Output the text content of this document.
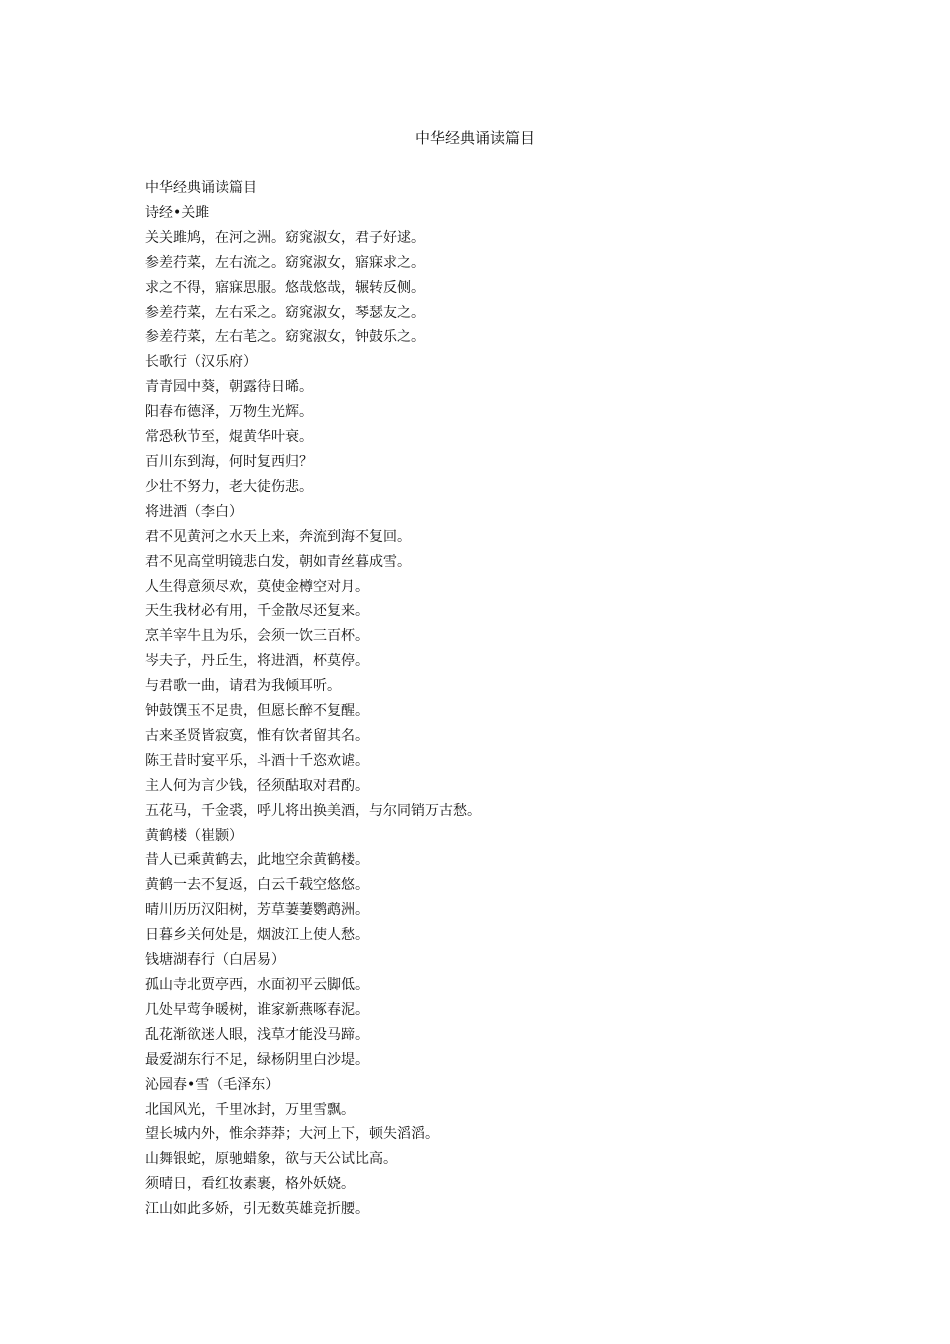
中华经典诵读篇目
中华经典诵读篇目
诗经•关雎
关关雎鸠，在河之洲。窈窕淑女，君子好逑。
参差荇菜，左右流之。窈窕淑女，寤寐求之。
求之不得，寤寐思服。悠哉悠哉，辗转反侧。
参差荇菜，左右采之。窈窕淑女，琴瑟友之。
参差荇菜，左右芼之。窈窕淑女，钟鼓乐之。
长歌行（汉乐府）
青青园中葵，朝露待日晞。
阳春布德泽，万物生光辉。
常恐秋节至，焜黄华叶衰。
百川东到海，何时复西归？
少壮不努力，老大徒伤悲。
将进酒（李白）
君不见黄河之水天上来，奔流到海不复回。
君不见高堂明镜悲白发，朝如青丝暮成雪。
人生得意须尽欢，莫使金樽空对月。
天生我材必有用，千金散尽还复来。
烹羊宰牛且为乐，会须一饮三百杯。
岑夫子，丹丘生，将进酒，杯莫停。
与君歌一曲，请君为我倾耳听。
钟鼓馔玉不足贵，但愿长醉不复醒。
古来圣贤皆寂寞，惟有饮者留其名。
陈王昔时宴平乐，斗酒十千恣欢谑。
主人何为言少钱，径须酤取对君酌。
五花马，千金裘，呼儿将出换美酒，与尔同销万古愁。
黄鹤楼（崔颢）
昔人已乘黄鹤去，此地空余黄鹤楼。
黄鹤一去不复返，白云千载空悠悠。
晴川历历汉阳树，芳草萋萋鹦鹉洲。
日暮乡关何处是，烟波江上使人愁。
钱塘湖春行（白居易）
孤山寺北贾亭西，水面初平云脚低。
几处早莺争暖树，谁家新燕啄春泥。
乱花渐欲迷人眼，浅草才能没马蹄。
最爱湖东行不足，绿杨阴里白沙堤。
沁园春•雪（毛泽东）
北国风光，千里冰封，万里雪飘。
望长城内外，惟余莽莽；大河上下，顿失滔滔。
山舞银蛇，原驰蜡象，欲与天公试比高。
须晴日，看红妆素裹，格外妖娆。
江山如此多娇，引无数英雄竞折腰。
